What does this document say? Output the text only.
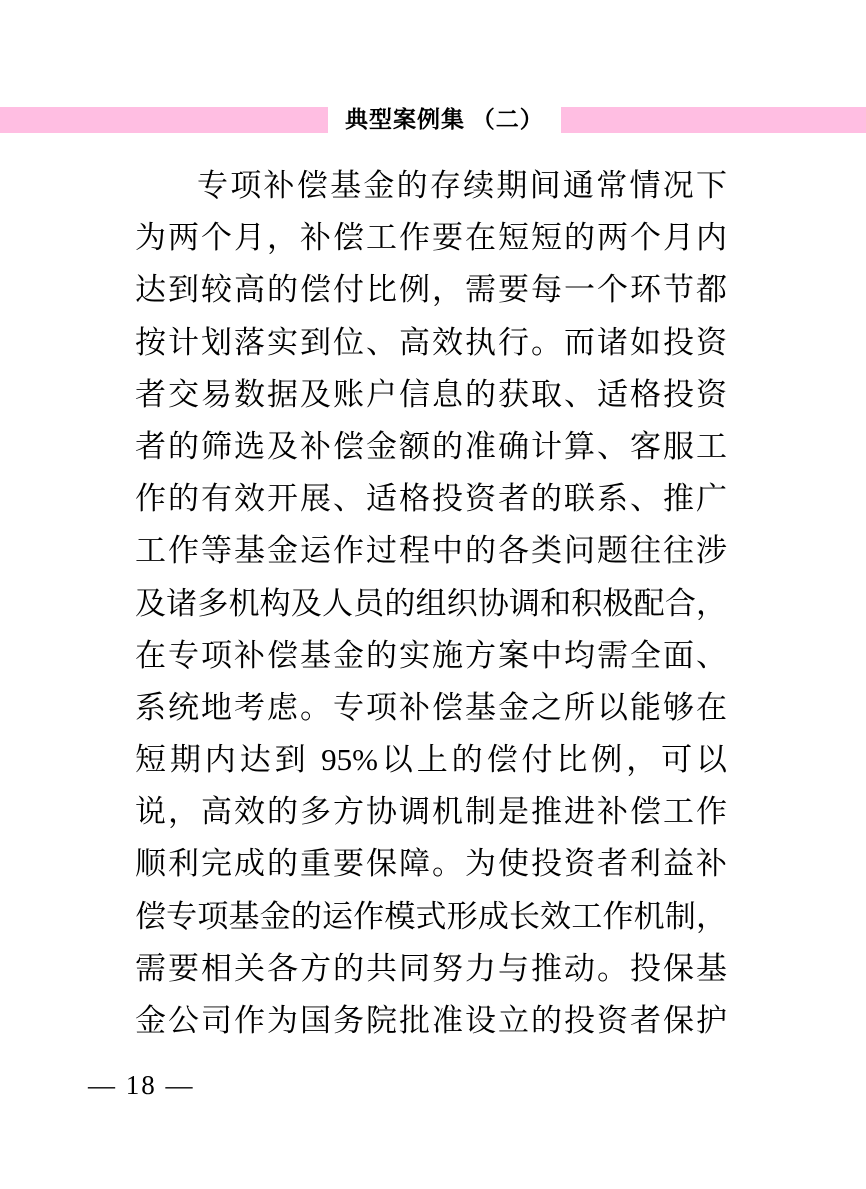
典型案例集 （二）
专项补偿基金的存续期间通常情况下
为两个月，补偿工作要在短短的两个月内
达到较高的偿付比例，需要每一个环节都
按计划落实到位、高效执行。而诸如投资
者交易数据及账户信息的获取、适格投资
者的筛选及补偿金额的准确计算、客服工
作的有效开展、适格投资者的联系、推广
工作等基金运作过程中的各类问题往往涉
及诸多机构及人员的组织协调和积极配合，
在专项补偿基金的实施方案中均需全面、
系统地考虑。专项补偿基金之所以能够在
短期内达到 95%以上的偿付比例，可以
说，高效的多方协调机制是推进补偿工作
顺利完成的重要保障。为使投资者利益补
偿专项基金的运作模式形成长效工作机制，
需要相关各方的共同努力与推动。投保基
金公司作为国务院批准设立的投资者保护
— 18 —
